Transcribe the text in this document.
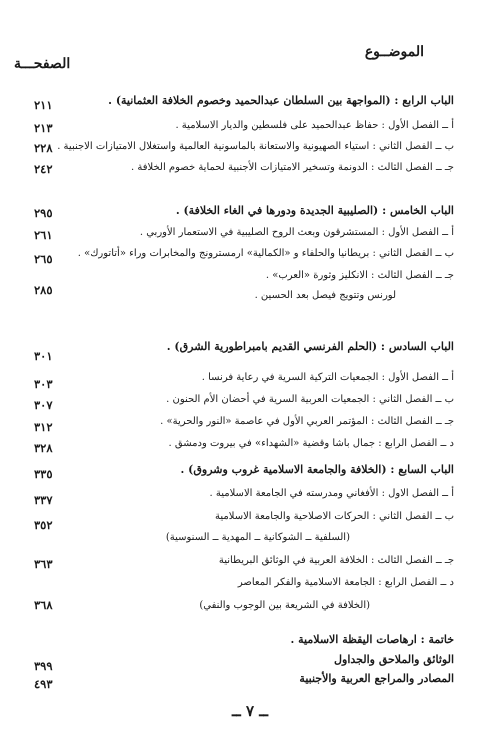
الموضــوع
الصفحـــة
الباب الرابع : (المواجهة بين السلطان عبدالحميد وخصوم الخلافة العثمانية) .
٢١١
أ ــ الفصل الأول : حفاظ عبدالحميد على فلسطين والديار الاسلامية .
٢١٣
ب ــ الفصل الثاني : استياء الصهيونية والاستعانة بالماسونية العالمية واستغلال الامتيازات الاجنبية .
٢٢٨
جـ ــ الفصل الثالث : الدونمة وتسخير الامتيازات الأجنبية لحماية خصوم الخلافة .
٢٤٢
الباب الخامس : (الصليبية الجديدة ودورها في الغاء الخلافة) .
٢٩٥
أ ــ الفصل الأول : المستشرقون وبعث الروح الصليبية في الاستعمار الأوربي .
٢٦١
ب ــ الفصل الثاني : بريطانيا والحلفاء و «الكمالية» ارمسترونج والمخابرات وراء «أتاتورك» .
٢٦٥
جـ ــ الفصل الثالث : الانكليز وثورة «العرب» .
لورنس وتتويج فيصل بعد الحسين .
٢٨٥
الباب السادس : (الحلم الفرنسي القديم بامبراطورية الشرق) .
٣٠١
أ ــ الفصل الأول : الجمعيات التركية السرية في رعاية فرنسا .
٣٠٣
ب ــ الفصل الثاني : الجمعيات العربية السرية في أحضان الأم الحنون .
٣٠٧
جـ ــ الفصل الثالث : المؤتمر العربي الأول في عاصمة «النور والحرية» .
٣١٢
د ــ الفصل الرابع : جمال باشا وقضية «الشهداء» في بيروت ودمشق .
٣٢٨
الباب السابع : (الخلافة والجامعة الاسلامية غروب وشروق) .
٣٣٥
أ ــ الفصل الاول : الأفغاني ومدرسته في الجامعة الاسلامية .
٣٣٧
ب ــ الفصل الثاني : الحركات الاصلاحية والجامعة الاسلامية
٣٥٢
(السلفية ــ الشوكانية ــ المهدية ــ السنوسية)
جـ ــ الفصل الثالث : الخلافة العربية في الوثائق البريطانية
٣٦٣
د ــ الفصل الرابع : الجامعة الاسلامية والفكر المعاصر
(الخلافة في الشريعة بين الوجوب والنفي)
٣٦٨
خاتمة : ارهاصات اليقظة الاسلامية .
الوثائق والملاحق والجداول
٣٩٩
المصادر والمراجع العربية والأجنبية
٤٩٣
ــ ٧ ــ
